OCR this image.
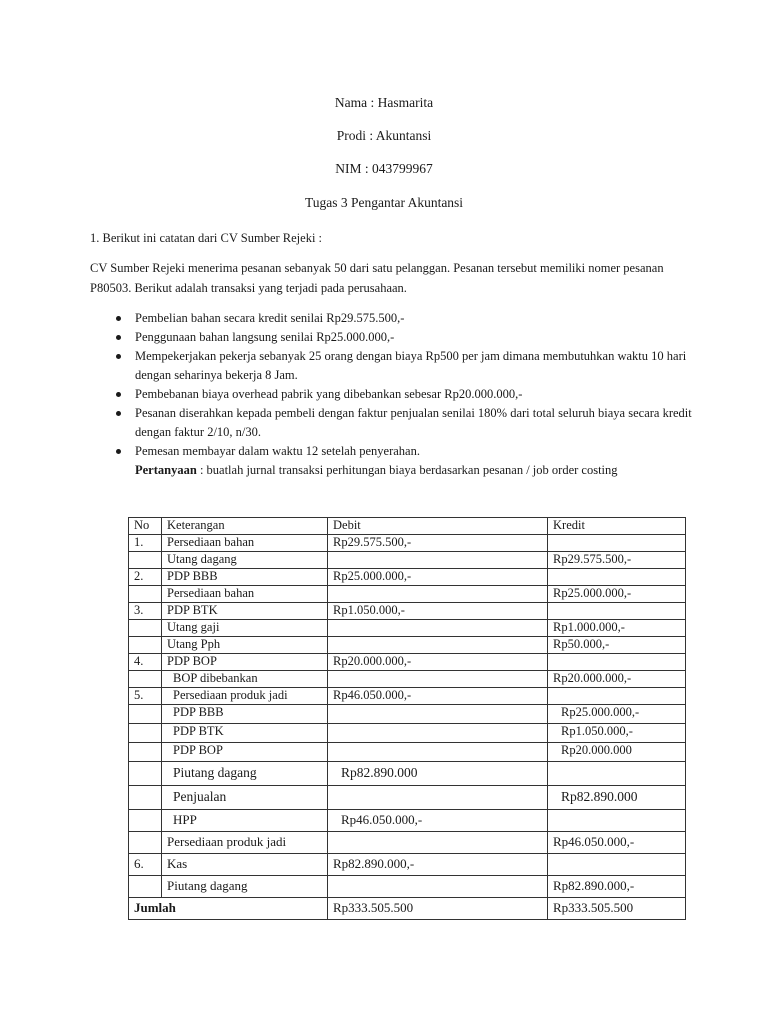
Nama : Hasmarita
Prodi : Akuntansi
NIM : 043799967
Tugas 3 Pengantar Akuntansi
1. Berikut ini catatan dari CV Sumber Rejeki :
CV Sumber Rejeki menerima pesanan sebanyak 50 dari satu pelanggan. Pesanan tersebut memiliki nomer pesanan P80503. Berikut adalah transaksi yang terjadi pada perusahaan.
Pembelian bahan secara kredit senilai Rp29.575.500,-
Penggunaan bahan langsung senilai Rp25.000.000,-
Mempekerjakan pekerja sebanyak 25 orang dengan biaya Rp500 per jam dimana membutuhkan waktu 10 hari dengan seharinya bekerja 8 Jam.
Pembebanan biaya overhead pabrik yang dibebankan sebesar Rp20.000.000,-
Pesanan diserahkan kepada pembeli dengan faktur penjualan senilai 180% dari total seluruh biaya secara kredit dengan faktur 2/10, n/30.
Pemesan membayar dalam waktu 12 setelah penyerahan.
Pertanyaan : buatlah jurnal transaksi perhitungan biaya berdasarkan pesanan / job order costing
No	Keterangan	Debit	Kredit
1.	Persediaan bahan	Rp29.575.500,-	
	Utang dagang		Rp29.575.500,-
2.	PDP BBB	Rp25.000.000,-	
	Persediaan bahan		Rp25.000.000,-
3.	PDP BTK	Rp1.050.000,-	
	Utang gaji		Rp1.000.000,-
	Utang Pph		Rp50.000,-
4.	PDP BOP	Rp20.000.000,-	
	BOP dibebankan		Rp20.000.000,-
5.	Persediaan produk jadi	Rp46.050.000,-	
	PDP BBB		Rp25.000.000,-
	PDP BTK		Rp1.050.000,-
	PDP BOP		Rp20.000.000
	Piutang dagang	Rp82.890.000	
	Penjualan		Rp82.890.000
	HPP	Rp46.050.000,-	
	Persediaan produk jadi		Rp46.050.000,-
6.	Kas	Rp82.890.000,-	
	Piutang dagang		Rp82.890.000,-
Jumlah		Rp333.505.500	Rp333.505.500
